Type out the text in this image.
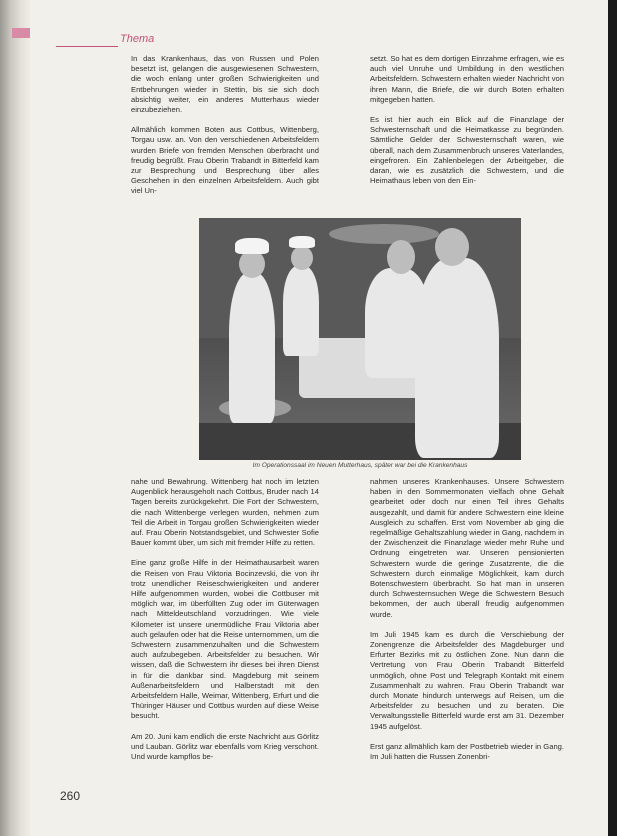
Thema

In das Krankenhaus, das von Russen und Polen besetzt ist, gelangen die ausgewiesenen Schwestern, die woch enlang unter großen Schwierigkeiten und Entbehrungen wieder in Stettin, bis sie sich doch absichtig weiter, ein anderes Mutterhaus wieder einzubeziehen.

Allmählich kommen Boten aus Cottbus, Wittenberg, Torgau usw. an. Von den verschiedenen Arbeitsfeldern wurden Briefe von fremden Menschen überbracht und freudig begrüßt. Frau Oberin Trabandt in Bitterfeld kam zur Besprechung und Besprechung über alles Geschehen in den einzelnen Arbeitsfeldern. Auch gibt viel Un-

setzt. So hat es dem dortigen Einrzahme erfragen, wie es auch viel Unruhe und Umbildung in den westlichen Arbeitsfeldern. Schwestern erhalten wieder Nachricht von ihren Mann, die Briefe, die wir durch Boten erhalten mitgegeben hatten.

Es ist hier auch ein Blick auf die Finanzlage der Schwesternschaft und die Heimatkasse zu begründen. Sämtliche Gelder der Schwesternschaft waren, wie überall, nach dem Zusammenbruch unseres Vaterlandes, eingefroren. Ein Zahlenbelegen der Arbeitgeber, die daran, wie es zusätzlich die Schwestern, und die Heimathaus leben von den Ein-

Im Operationssaal im Neuen Mutterhaus, später war bei die Krankenhaus

nahe und Bewahrung. Wittenberg hat noch im letzten Augenblick herausgeholt nach Cottbus, Bruder nach 14 Tagen bereits zurückgekehrt. Die Fort der Schwestern, die nach Wittenberge verlegen wurden, nehmen zum Teil die Arbeit in Torgau großen Schwierigkeiten wieder auf. Frau Oberin Notstandsgebiet, und Schwester Sofie Bauer kommt über, um sich mit fremder Hilfe zu retten.

Eine ganz große Hilfe in der Heimathausarbeit waren die Reisen von Frau Viktoria Bocinzevski, die von ihr trotz unendlicher Reiseschwierigkeiten und anderer Hilfe aufgenommen wurden, wobei die Cottbuser mit möglich war, im überfüllten Zug oder im Güterwagen nach Mitteldeutschland vorzudringen. Wie viele Kilometer ist unsere unermüdliche Frau Viktoria aber auch gelaufen oder hat die Reise unternommen, um die Schwestern zusammenzuhalten und die Schwestern auch aufzubegeben. Arbeitsfelder zu besuchen. Wir wissen, daß die Schwestern ihr dieses bei ihren Dienst in für die dankbar sind. Magdeburg mit seinem Außenarbeitsfeldern und Halberstadt mit den Arbeitsfeldern Halle, Weimar, Wittenberg, Erfurt und die Thüringer Häuser und Cottbus wurden auf diese Weise besucht.

Am 20. Juni kam endlich die erste Nachricht aus Görlitz und Lauban. Görlitz war ebenfalls vom Krieg verschont. Und wurde kampflos be-

nahmen unseres Krankenhauses. Unsere Schwestern haben in den Sommermonaten vielfach ohne Gehalt gearbeitet oder doch nur einen Teil ihres Gehalts ausgezahlt, und damit für andere Schwestern eine kleine Ausgleich zu schaffen. Erst vom November ab ging die regelmäßige Gehaltszahlung wieder in Gang, nachdem in der Zwischenzeit die Finanzlage wieder mehr Ruhe und Ordnung eingetreten war. Unseren pensionierten Schwestern wurde die geringe Zusatzrente, die die Schwestern durch einmalige Möglichkeit, kam durch Botenschwestern überbracht. So hat man in unseren durch Schwesternsuchen Wege die Schwestern Besuch bekommen, der auch überall freudig aufgenommen wurde.

Im Juli 1945 kam es durch die Verschiebung der Zonengrenze die Arbeitsfelder des Magdeburger und Erfurter Bezirks mit zu östlichen Zone. Nun dann die Vertretung von Frau Oberin Trabandt Bitterfeld unmöglich, ohne Post und Telegraph Kontakt mit einem Zusammenhalt zu wahren. Frau Oberin Trabandt war durch Monate hindurch unterwegs auf Reisen, um die Arbeitsfelder zu besuchen und zu beraten. Die Verwaltungsstelle Bitterfeld wurde erst am 31. Dezember 1945 aufgelöst.

Erst ganz allmählich kam der Postbetrieb wieder in Gang. Im Juli hatten die Russen Zonenbri-

260
